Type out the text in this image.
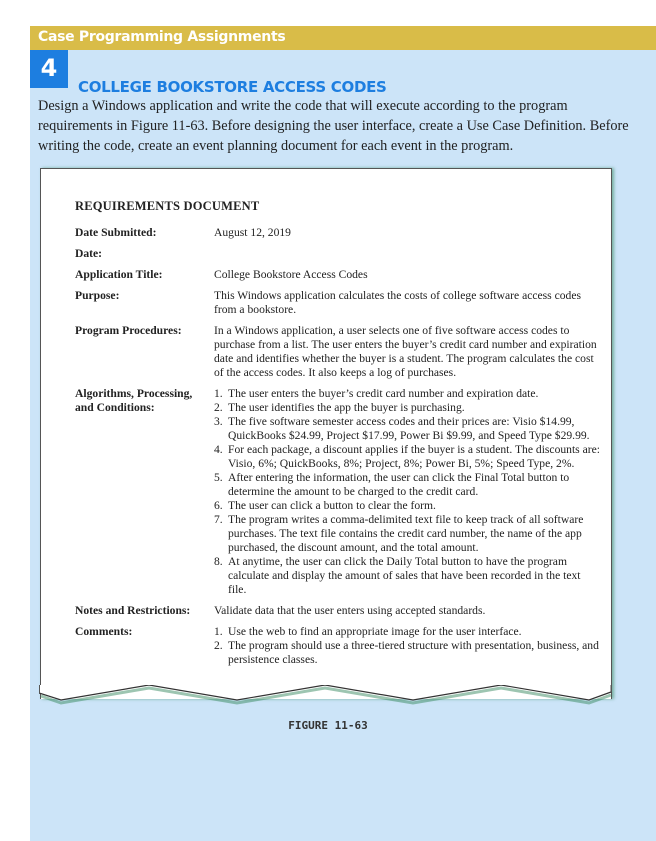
Case Programming Assignments
4
COLLEGE BOOKSTORE ACCESS CODES
Design a Windows application and write the code that will execute according to the program requirements in Figure 11-63. Before designing the user interface, create a Use Case Definition. Before writing the code, create an event planning document for each event in the program.
REQUIREMENTS DOCUMENT
Date Submitted:	August 12, 2019
Date:
Application Title:	College Bookstore Access Codes
Purpose:	This Windows application calculates the costs of college software access codes from a bookstore.
Program Procedures:	In a Windows application, a user selects one of five software access codes to purchase from a list. The user enters the buyer’s credit card number and expiration date and identifies whether the buyer is a student. The program calculates the cost of the access codes. It also keeps a log of purchases.
Algorithms, Processing, and Conditions:
1. The user enters the buyer’s credit card number and expiration date.
2. The user identifies the app the buyer is purchasing.
3. The five software semester access codes and their prices are: Visio $14.99, QuickBooks $24.99, Project $17.99, Power Bi $9.99, and Speed Type $29.99.
4. For each package, a discount applies if the buyer is a student. The discounts are: Visio, 6%; QuickBooks, 8%; Project, 8%; Power Bi, 5%; Speed Type, 2%.
5. After entering the information, the user can click the Final Total button to determine the amount to be charged to the credit card.
6. The user can click a button to clear the form.
7. The program writes a comma-delimited text file to keep track of all software purchases. The text file contains the credit card number, the name of the app purchased, the discount amount, and the total amount.
8. At anytime, the user can click the Daily Total button to have the program calculate and display the amount of sales that have been recorded in the text file.
Notes and Restrictions:	Validate data that the user enters using accepted standards.
Comments:	1. Use the web to find an appropriate image for the user interface.
2. The program should use a three-tiered structure with presentation, business, and persistence classes.
FIGURE 11-63
